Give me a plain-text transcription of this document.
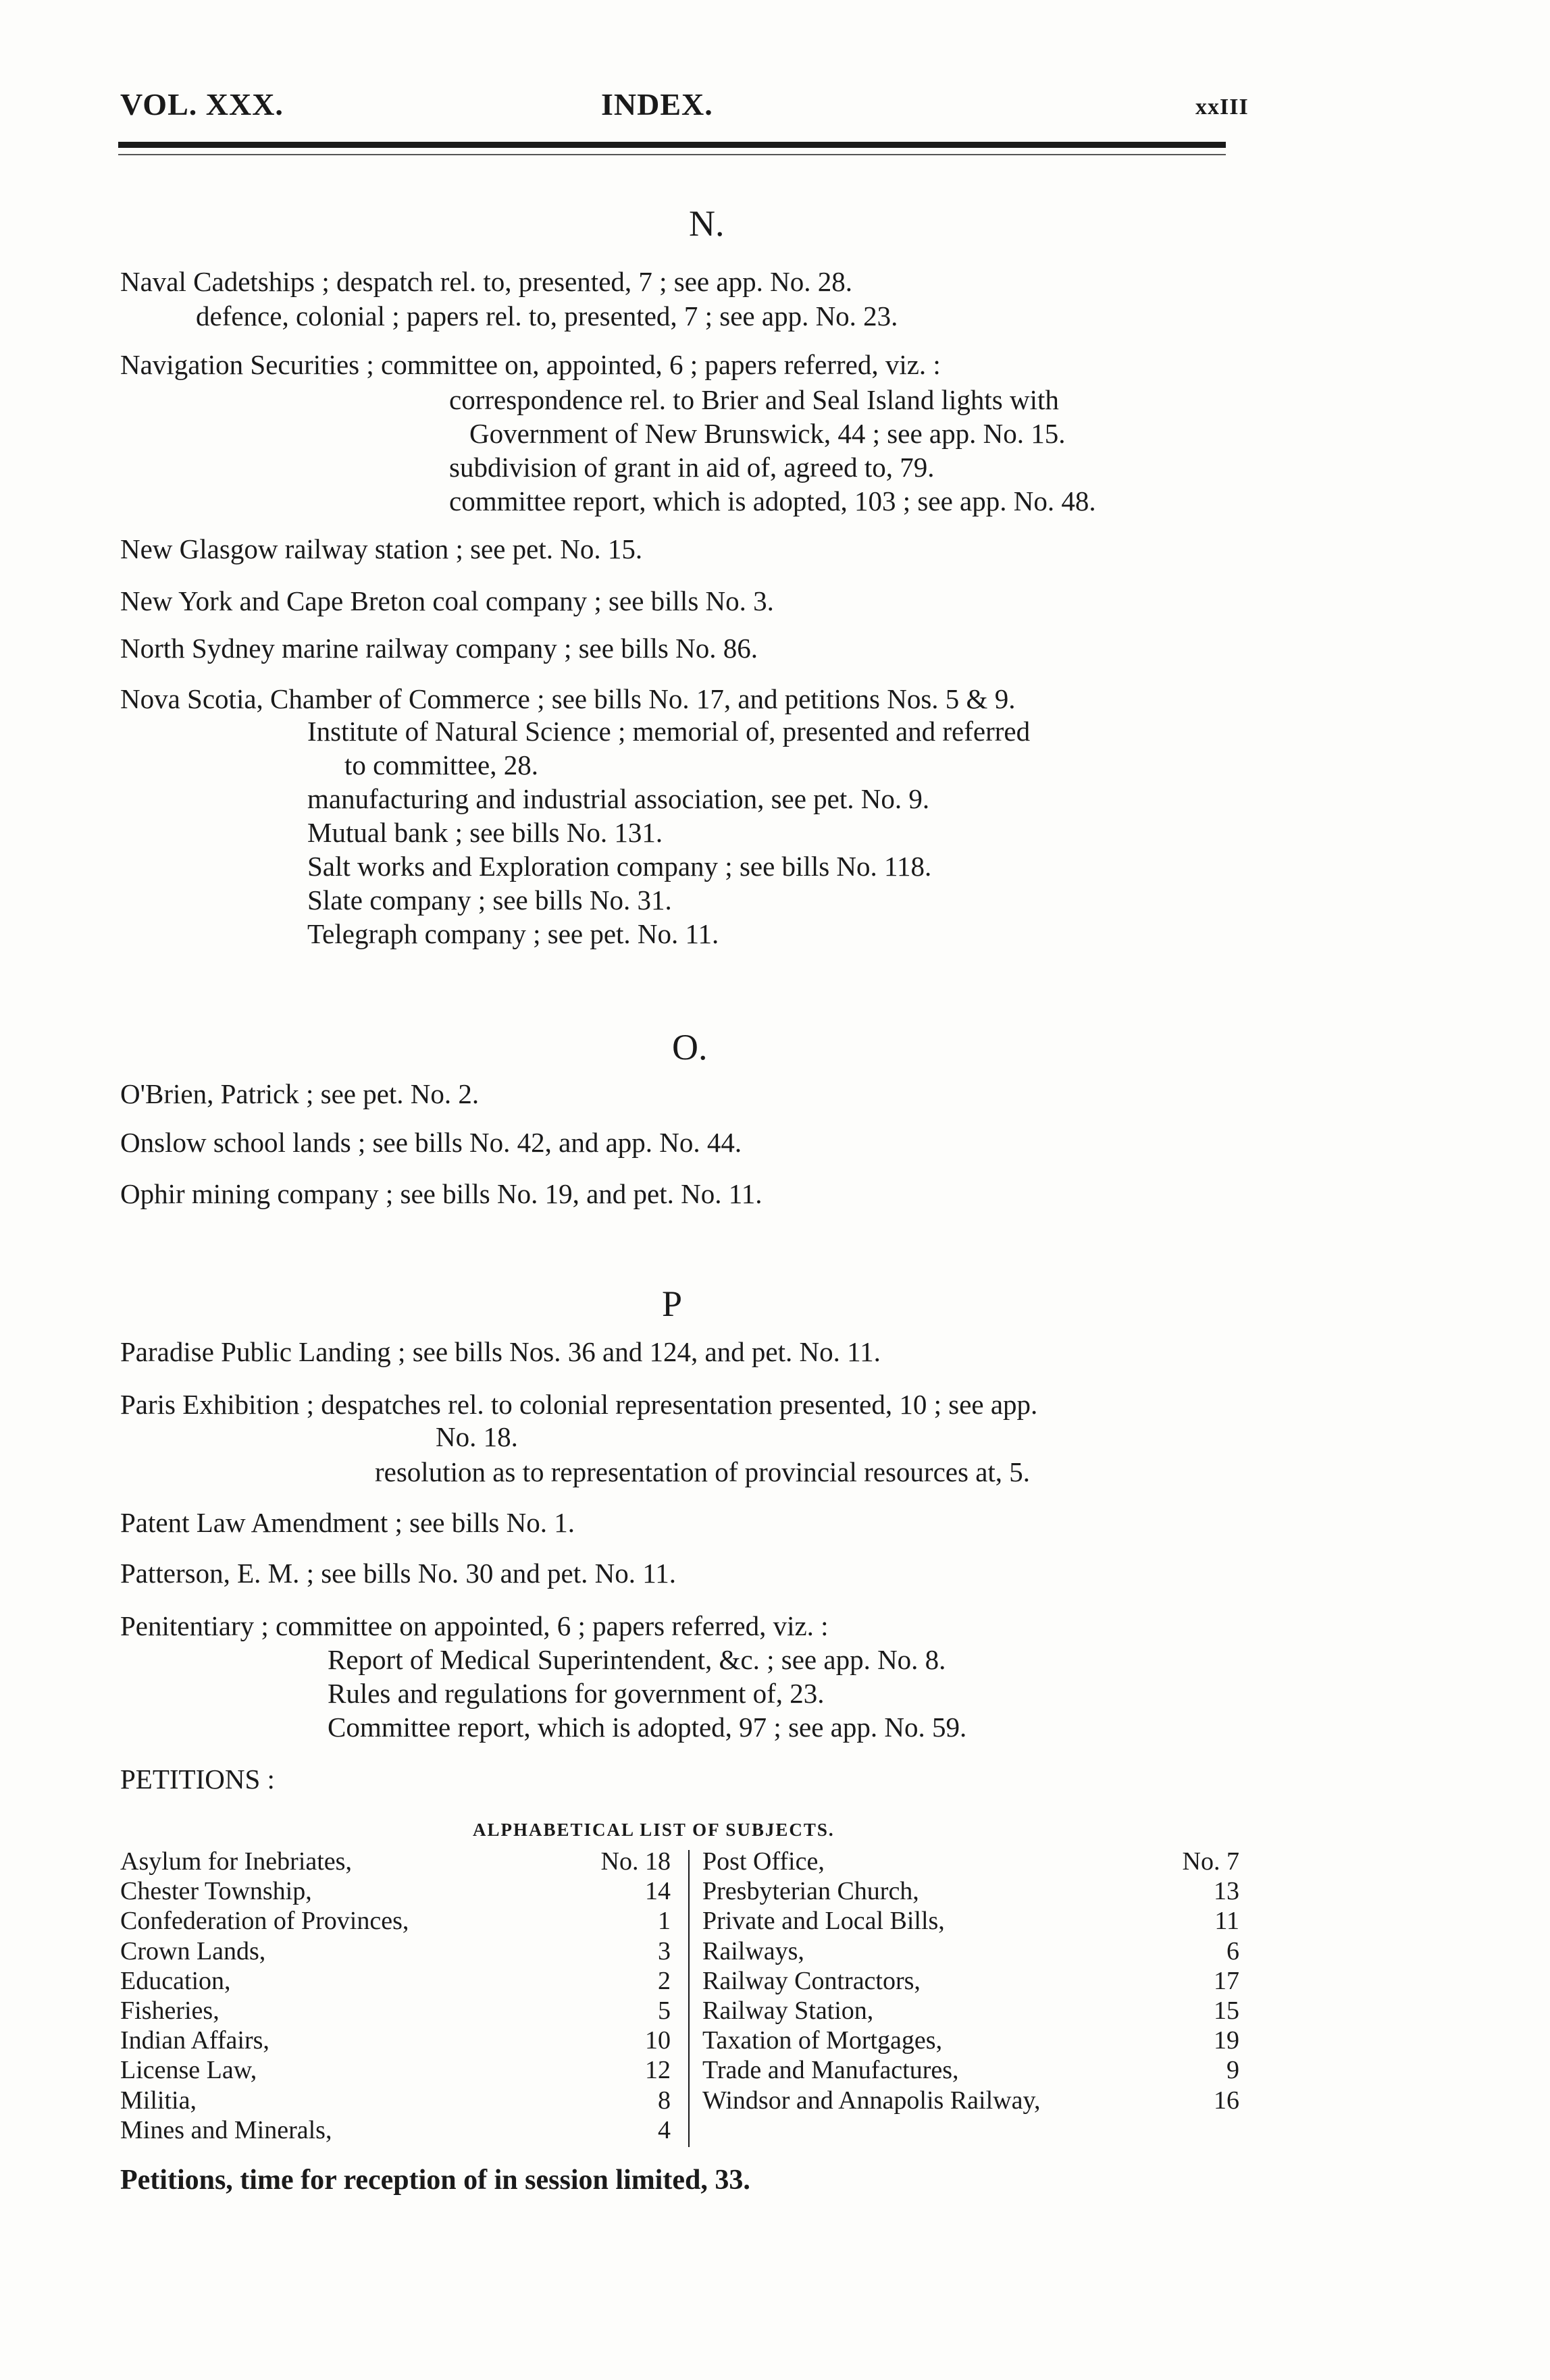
VOL. XXX.	INDEX.	xxIII
N.
Naval Cadetships ; despatch rel. to, presented, 7 ; see app. No. 28.
defence, colonial ; papers rel. to, presented, 7 ; see app. No. 23.
Navigation Securities ; committee on, appointed, 6 ; papers referred, viz. :
correspondence rel. to Brier and Seal Island lights with
Government of New Brunswick, 44 ; see app. No. 15.
subdivision of grant in aid of, agreed to, 79.
committee report, which is adopted, 103 ; see app. No. 48.
New Glasgow railway station ; see pet. No. 15.
New York and Cape Breton coal company ; see bills No. 3.
North Sydney marine railway company ; see bills No. 86.
Nova Scotia, Chamber of Commerce ; see bills No. 17, and petitions Nos. 5 & 9.
Institute of Natural Science ; memorial of, presented and referred
to committee, 28.
manufacturing and industrial association, see pet. No. 9.
Mutual bank ; see bills No. 131.
Salt works and Exploration company ; see bills No. 118.
Slate company ; see bills No. 31.
Telegraph company ; see pet. No. 11.
O.
O'Brien, Patrick ; see pet. No. 2.
Onslow school lands ; see bills No. 42, and app. No. 44.
Ophir mining company ; see bills No. 19, and pet. No. 11.
P
Paradise Public Landing ; see bills Nos. 36 and 124, and pet. No. 11.
Paris Exhibition ; despatches rel. to colonial representation presented, 10 ; see app.
No. 18.
resolution as to representation of provincial resources at, 5.
Patent Law Amendment ; see bills No. 1.
Patterson, E. M. ; see bills No. 30 and pet. No. 11.
Penitentiary ; committee on appointed, 6 ; papers referred, viz. :
Report of Medical Superintendent, &c. ; see app. No. 8.
Rules and regulations for government of, 23.
Committee report, which is adopted, 97 ; see app. No. 59.
PETITIONS :
ALPHABETICAL LIST OF SUBJECTS.
Asylum for Inebriates,	No. 18
Chester Township,	14
Confederation of Provinces,	1
Crown Lands,	3
Education,	2
Fisheries,	5
Indian Affairs,	10
License Law,	12
Militia,	8
Mines and Minerals,	4
Post Office,	No. 7
Presbyterian Church,	13
Private and Local Bills,	11
Railways,	6
Railway Contractors,	17
Railway Station,	15
Taxation of Mortgages,	19
Trade and Manufactures,	9
Windsor and Annapolis Railway,	16
Petitions, time for reception of in session limited, 33.
